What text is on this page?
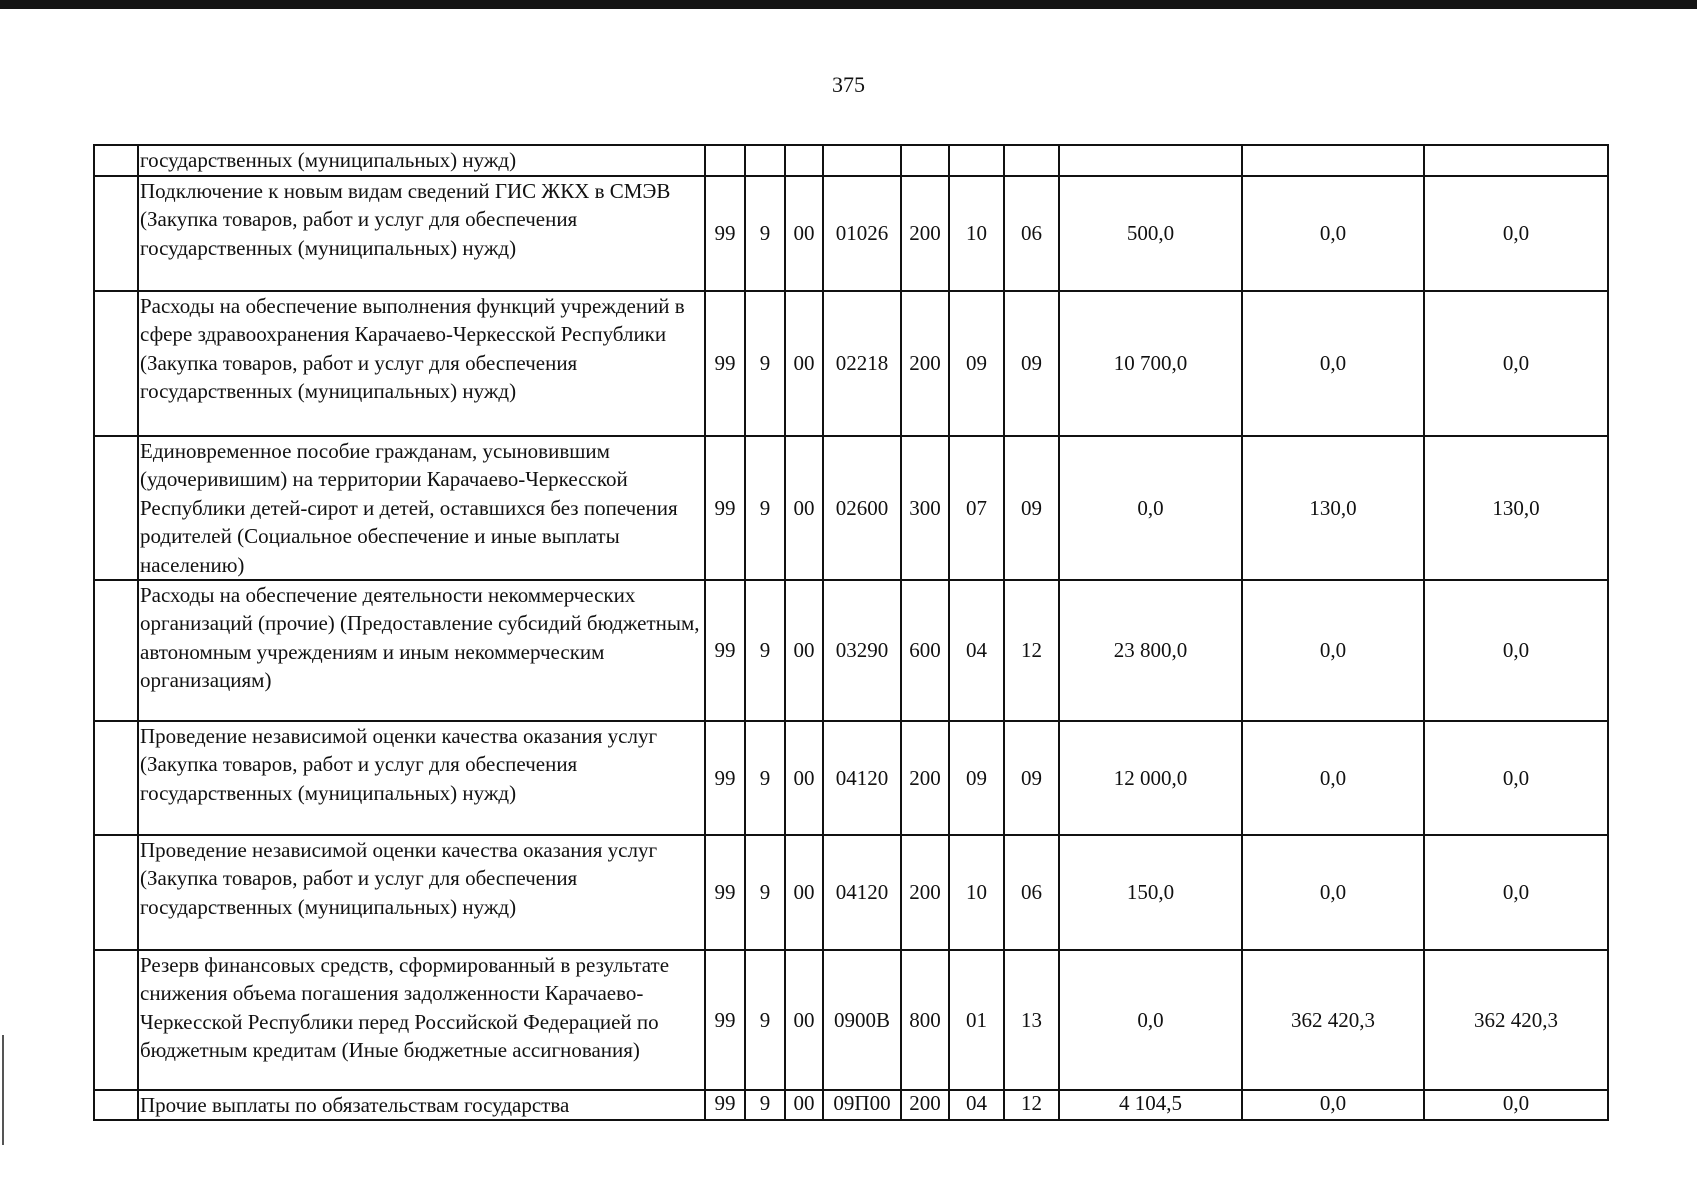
375
	государственных (муниципальных) нужд)										
	Подключение к новым видам сведений ГИС ЖКХ в СМЭВ (Закупка товаров, работ и услуг для обеспечения государственных (муниципальных) нужд)	99	9	00	01026	200	10	06	500,0	0,0	0,0
	Расходы на обеспечение выполнения функций учреждений в сфере здравоохранения Карачаево-Черкесской Республики (Закупка товаров, работ и услуг для обеспечения государственных (муниципальных) нужд)	99	9	00	02218	200	09	09	10 700,0	0,0	0,0
	Единовременное пособие гражданам, усыновившим (удочеривишим) на территории Карачаево-Черкесской Республики детей-сирот и детей, оставшихся без попечения родителей (Социальное обеспечение и иные выплаты населению)	99	9	00	02600	300	07	09	0,0	130,0	130,0
	Расходы на обеспечение деятельности некоммерческих организаций (прочие) (Предоставление субсидий бюджетным, автономным учреждениям и иным некоммерческим организациям)	99	9	00	03290	600	04	12	23 800,0	0,0	0,0
	Проведение независимой оценки качества оказания услуг (Закупка товаров, работ и услуг для обеспечения государственных (муниципальных) нужд)	99	9	00	04120	200	09	09	12 000,0	0,0	0,0
	Проведение независимой оценки качества оказания услуг (Закупка товаров, работ и услуг для обеспечения государственных (муниципальных) нужд)	99	9	00	04120	200	10	06	150,0	0,0	0,0
	Резерв финансовых средств, сформированный в результате снижения объема погашения задолженности Карачаево-Черкесской Республики перед Российской Федерацией по бюджетным кредитам (Иные бюджетные ассигнования)	99	9	00	0900В	800	01	13	0,0	362 420,3	362 420,3
	Прочие выплаты по обязательствам государства	99	9	00	09П00	200	04	12	4 104,5	0,0	0,0
